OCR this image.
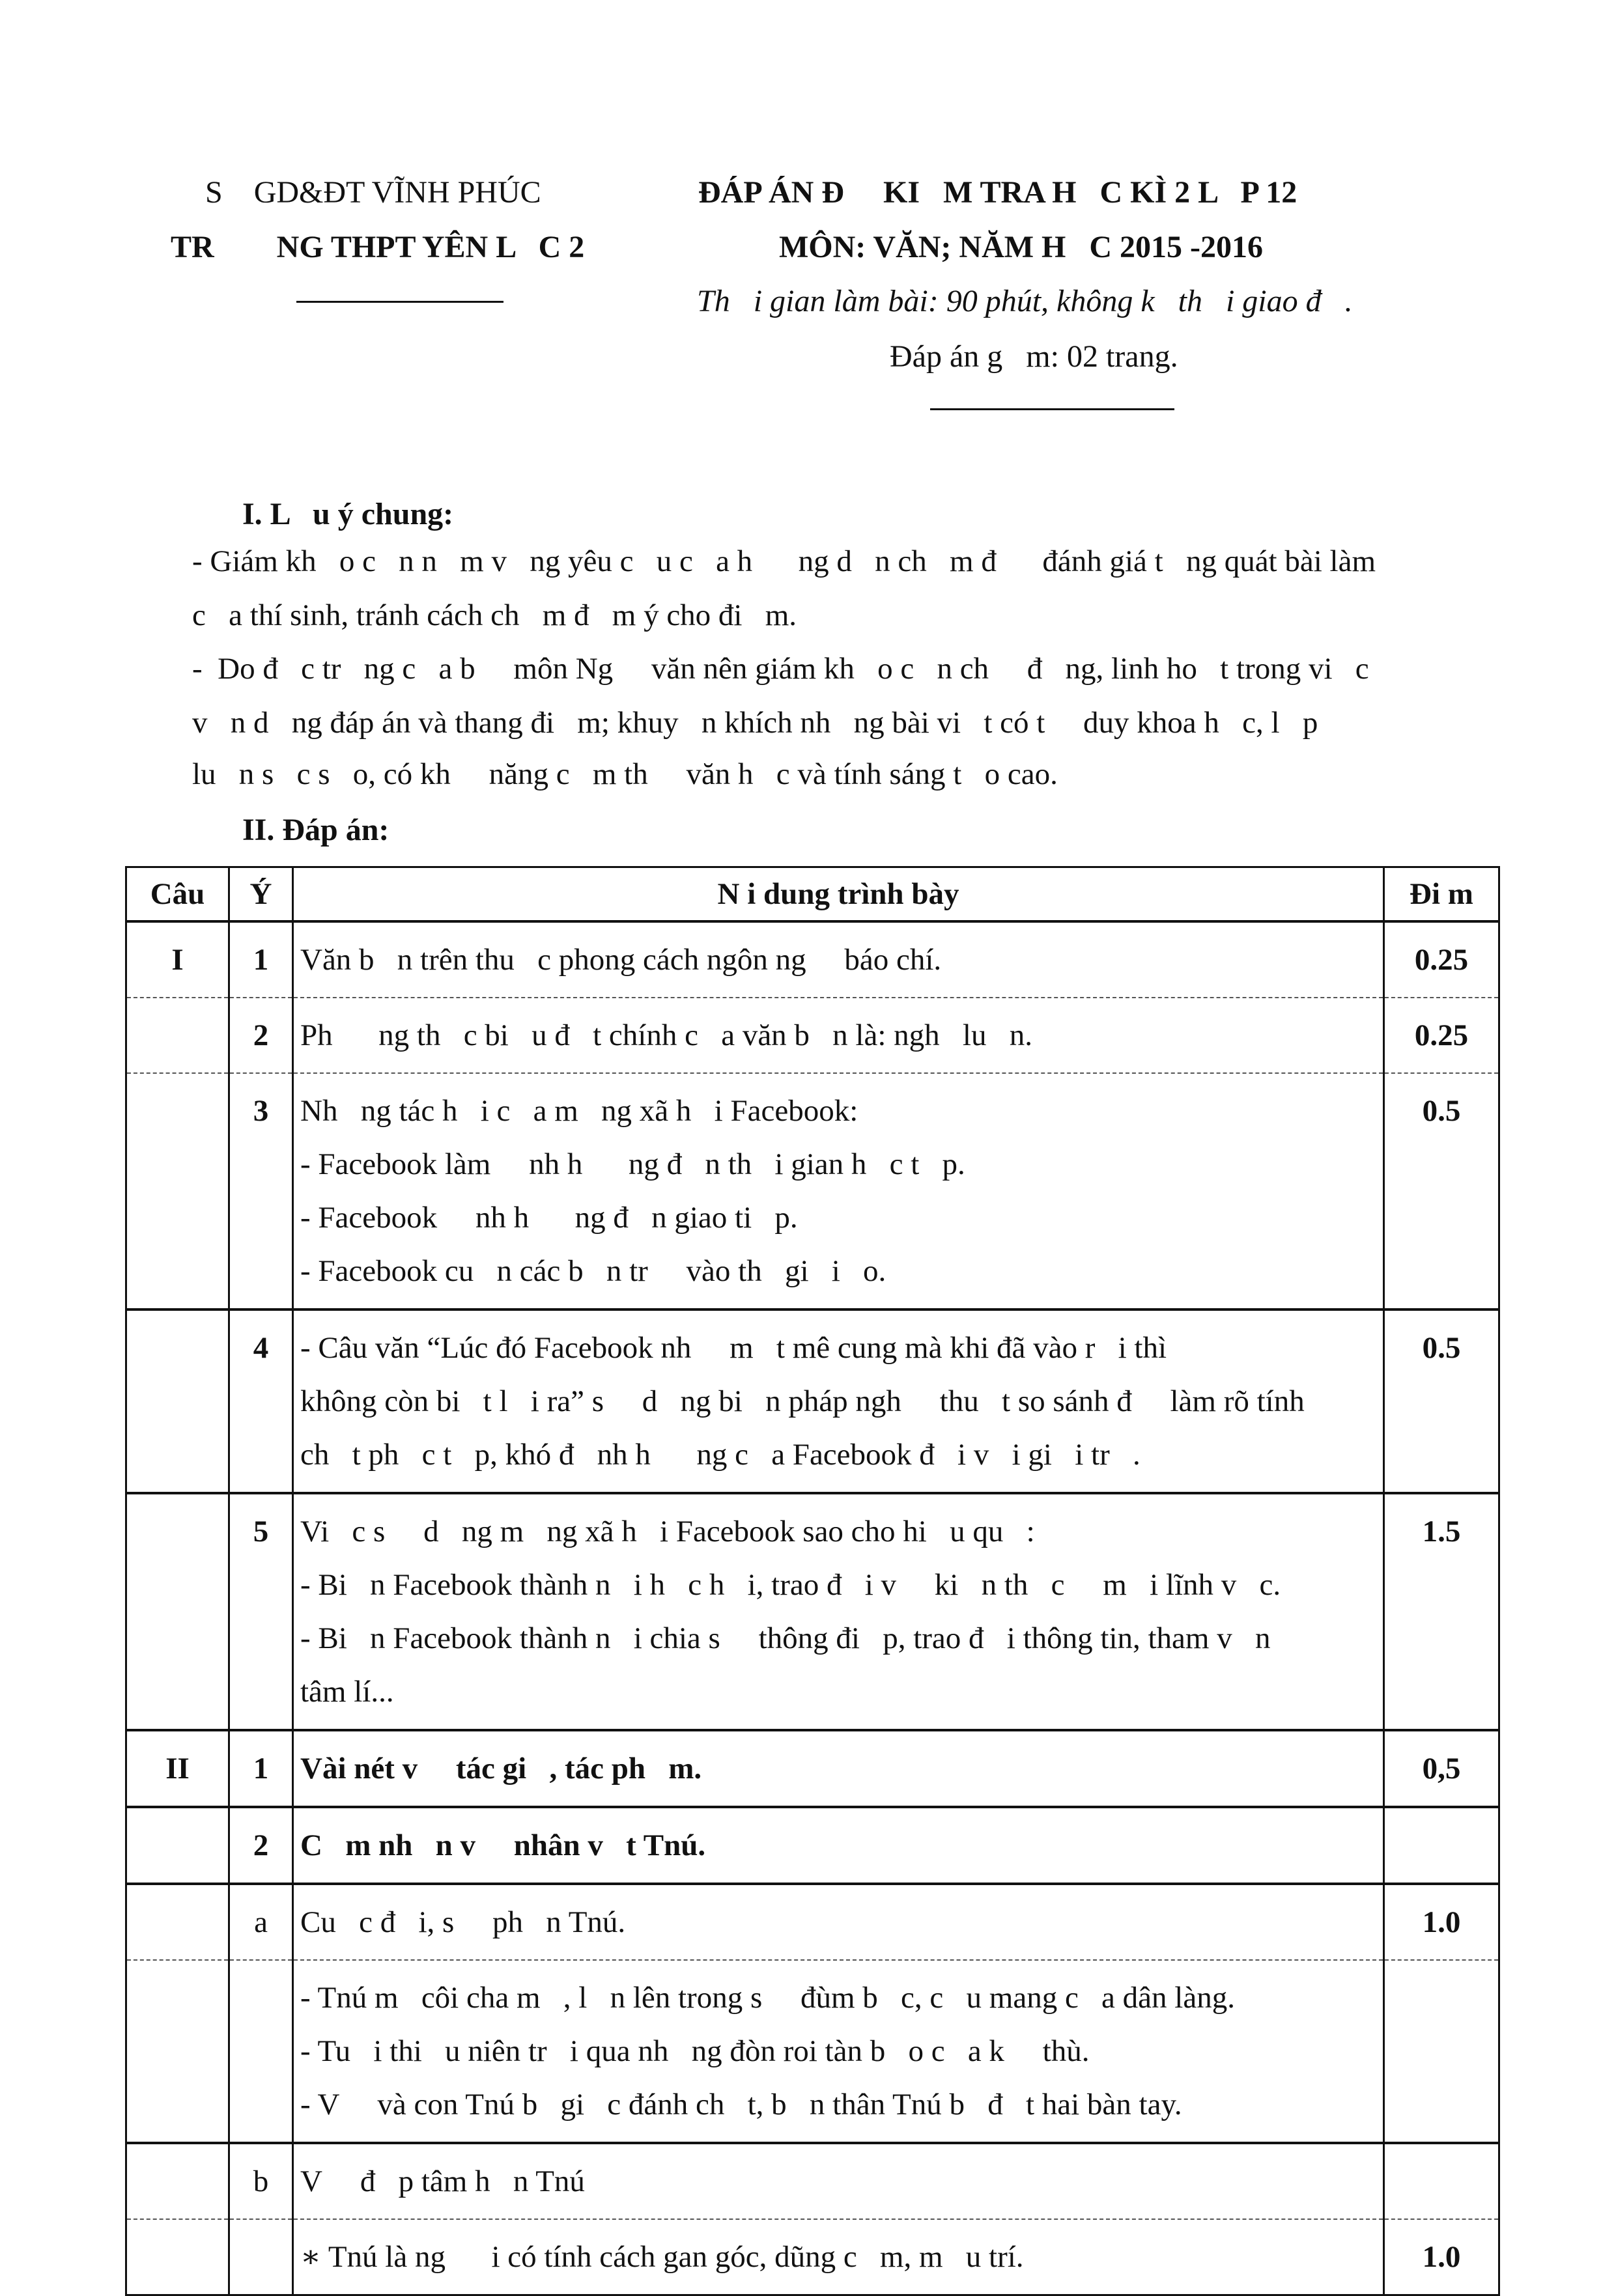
S    GD&ĐT VĨNH PHÚC
TR        NG THPT YÊN L   C 2
ĐÁP ÁN Đ     KI   M TRA H   C KÌ 2 L   P 12
MÔN: VĂN; NĂM H   C 2015 -2016
Th   i gian làm bài: 90 phút, không k   th   i giao đ   .
Đáp án g   m: 02 trang.
I. L   u ý chung:
- Giám kh   o c   n n   m v   ng yêu c   u c   a h      ng d   n ch   m đ      đánh giá t   ng quát bài làm
c   a thí sinh, tránh cách ch   m đ   m ý cho đi   m.
-  Do đ   c tr   ng c   a b     môn Ng     văn nên giám kh   o c   n ch     đ   ng, linh ho   t trong vi   c
v   n d   ng đáp án và thang đi   m; khuy   n khích nh   ng bài vi   t có t     duy khoa h   c, l   p
lu   n s   c s   o, có kh     năng c   m th     văn h   c và tính sáng t   o cao.
II. Đáp án:
Câu	Ý	N i dung trình bày	Đi m
I	1	Văn b   n trên thu   c phong cách ngôn ng     báo chí.	0.25
	2	Ph      ng th   c bi   u đ   t chính c   a văn b   n là: ngh   lu   n.	0.25
	3	Nh   ng tác h   i c   a m   ng xã h   i Facebook:
- Facebook làm     nh h      ng đ   n th   i gian h   c t   p.
- Facebook     nh h      ng đ   n giao ti   p.
- Facebook cu   n các b   n tr     vào th   gi   i   o.	0.5
	4	- Câu văn “Lúc đó Facebook nh     m   t mê cung mà khi đã vào r   i thì
không còn bi   t l   i ra” s     d   ng bi   n pháp ngh     thu   t so sánh đ     làm rõ tính
ch   t ph   c t   p, khó đ   nh h      ng c   a Facebook đ   i v   i gi   i tr   .	0.5
	5	Vi   c s     d   ng m   ng xã h   i Facebook sao cho hi   u qu   :
- Bi   n Facebook thành n   i h   c h   i, trao đ   i v     ki   n th   c     m   i lĩnh v   c.
- Bi   n Facebook thành n   i chia s     thông đi   p, trao đ   i thông tin, tham v   n
tâm lí...	1.5
II	1	Vài nét v     tác gi   , tác ph   m.	0,5
	2	C   m nh   n v     nhân v   t Tnú.	

	a	Cu   c đ   i, s     ph   n Tnú.	1.0

		- Tnú m   côi cha m   , l   n lên trong s     đùm b   c, c   u mang c   a dân làng.
- Tu   i thi   u niên tr   i qua nh   ng đòn roi tàn b   o c   a k     thù.
- V     và con Tnú b   gi   c đánh ch   t, b   n thân Tnú b   đ   t hai bàn tay.	

	b	V     đ   p tâm h   n Tnú	

		∗ Tnú là ng      i có tính cách gan góc, dũng c   m, m   u trí.	1.0
